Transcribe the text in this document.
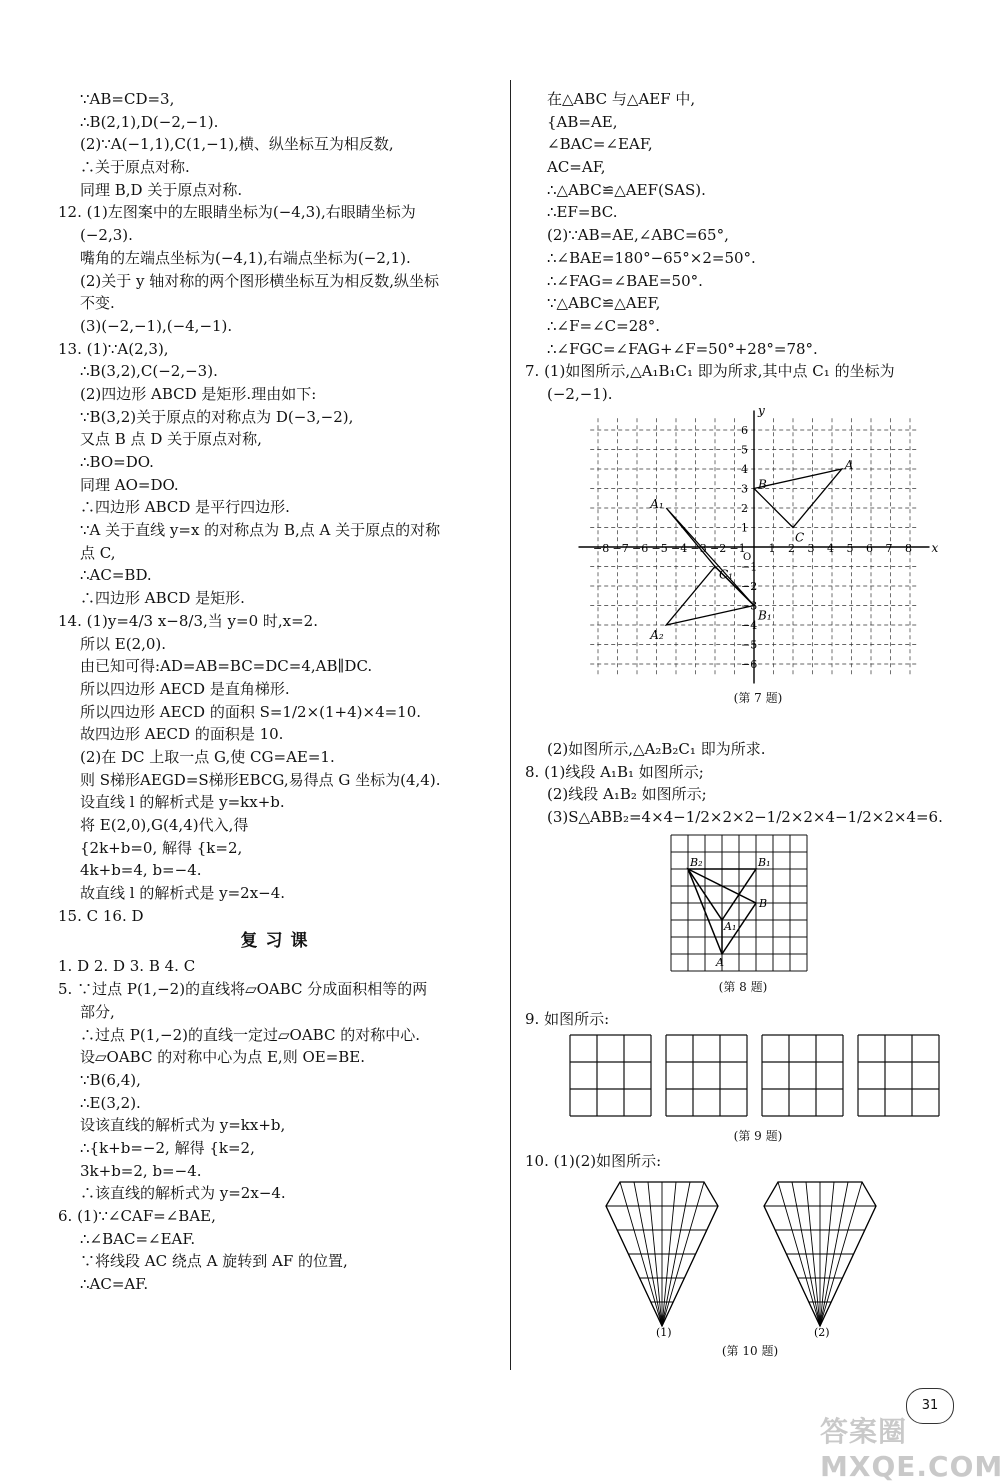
∵AB=CD=3,
∴B(2,1),D(−2,−1).
(2)∵A(−1,1),C(1,−1),横、纵坐标互为相反数,
∴关于原点对称.
同理 B,D 关于原点对称.
12. (1)左图案中的左眼睛坐标为(−4,3),右眼睛坐标为
(−2,3).
嘴角的左端点坐标为(−4,1),右端点坐标为(−2,1).
(2)关于 y 轴对称的两个图形横坐标互为相反数,纵坐标
不变.
(3)(−2,−1),(−4,−1).
13. (1)∵A(2,3),
∴B(3,2),C(−2,−3).
(2)四边形 ABCD 是矩形.理由如下:
∵B(3,2)关于原点的对称点为 D(−3,−2),
又点 B 点 D 关于原点对称,
∴BO=DO.
同理 AO=DO.
∴四边形 ABCD 是平行四边形.
∵A 关于直线 y=x 的对称点为 B,点 A 关于原点的对称
点 C,
∴AC=BD.
∴四边形 ABCD 是矩形.
14. (1)y=4/3 x−8/3,当 y=0 时,x=2.
所以 E(2,0).
由已知可得:AD=AB=BC=DC=4,AB∥DC.
所以四边形 AECD 是直角梯形.
所以四边形 AECD 的面积 S=1/2×(1+4)×4=10.
故四边形 AECD 的面积是 10.
(2)在 DC 上取一点 G,使 CG=AE=1.
则 S梯形AEGD=S梯形EBCG,易得点 G 坐标为(4,4).
设直线 l 的解析式是 y=kx+b.
将 E(2,0),G(4,4)代入,得
{2k+b=0, 解得 {k=2,
4k+b=4, b=−4.
故直线 l 的解析式是 y=2x−4.
15. C 16. D
复习课
1. D 2. D 3. B 4. C
5. ∵过点 P(1,−2)的直线将▱OABC 分成面积相等的两
部分,
∴过点 P(1,−2)的直线一定过▱OABC 的对称中心.
设▱OABC 的对称中心为点 E,则 OE=BE.
∵B(6,4),
∴E(3,2).
设该直线的解析式为 y=kx+b,
∴{k+b=−2, 解得 {k=2,
3k+b=2, b=−4.
∴该直线的解析式为 y=2x−4.
6. (1)∵∠CAF=∠BAE,
∴∠BAC=∠EAF.
∵将线段 AC 绕点 A 旋转到 AF 的位置,
∴AC=AF.
在△ABC 与△AEF 中,
{AB=AE,
∠BAC=∠EAF,
AC=AF,
∴△ABC≌△AEF(SAS).
∴EF=BC.
(2)∵AB=AE,∠ABC=65°,
∴∠BAE=180°−65°×2=50°.
∴∠FAG=∠BAE=50°.
∵△ABC≌△AEF,
∴∠F=∠C=28°.
∴∠FGC=∠FAG+∠F=50°+28°=78°.
7. (1)如图所示,△A₁B₁C₁ 即为所求,其中点 C₁ 的坐标为
(−2,−1).
x
y
−8 −7 −6 −5 −4 −3 −2 −1 1 2 3 4 5 6 7 8
6
5
4
3
2
1
−1
−2
−3
−4
−5
−6
O
A
B
C
A₁
B₁
C₁
A₂
(第 7 题)
(2)如图所示,△A₂B₂C₁ 即为所求.
8. (1)线段 A₁B₁ 如图所示;
(2)线段 A₁B₂ 如图所示;
(3)S△ABB₂=4×4−1/2×2×2−1/2×2×4−1/2×2×4=6.
B₂	B₁
B
A₁
A
(第 8 题)
9. 如图所示:
(第 9 题)
10. (1)(2)如图所示:
(1)	(2)
(第 10 题)
31
答案圈 MXQE.COM
